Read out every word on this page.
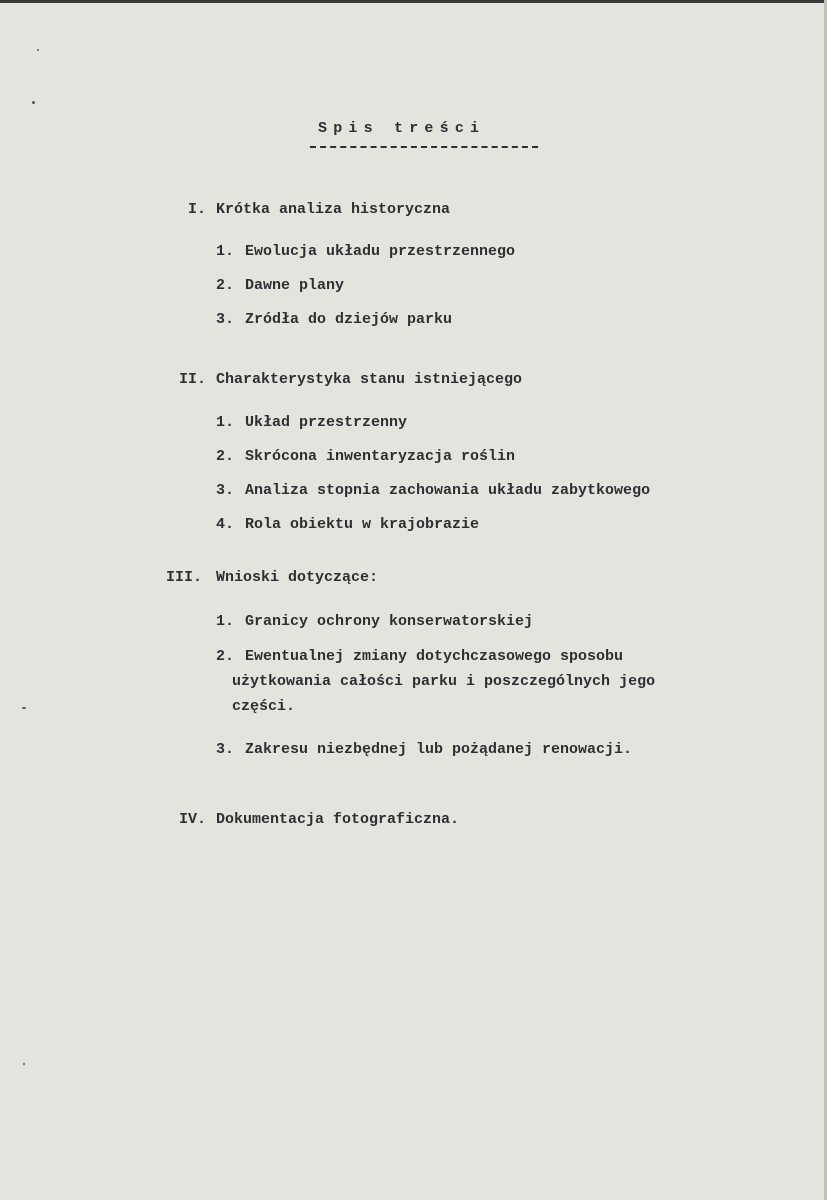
Spis treści
I. Krótka analiza historyczna
1. Ewolucja układu przestrzennego
2. Dawne plany
3. Zródła do dziejów parku
II. Charakterystyka stanu istniejącego
1. Układ przestrzenny
2. Skrócona inwentaryzacja roślin
3. Analiza stopnia zachowania układu zabytkowego
4. Rola obiektu w krajobrazie
III. Wnioski dotyczące:
1. Granicy ochrony konserwatorskiej
2. Ewentualnej zmiany dotychczasowego sposobu
użytkowania całości parku i poszczególnych jego
części.
3. Zakresu niezbędnej lub pożądanej renowacji.
IV. Dokumentacja fotograficzna.
